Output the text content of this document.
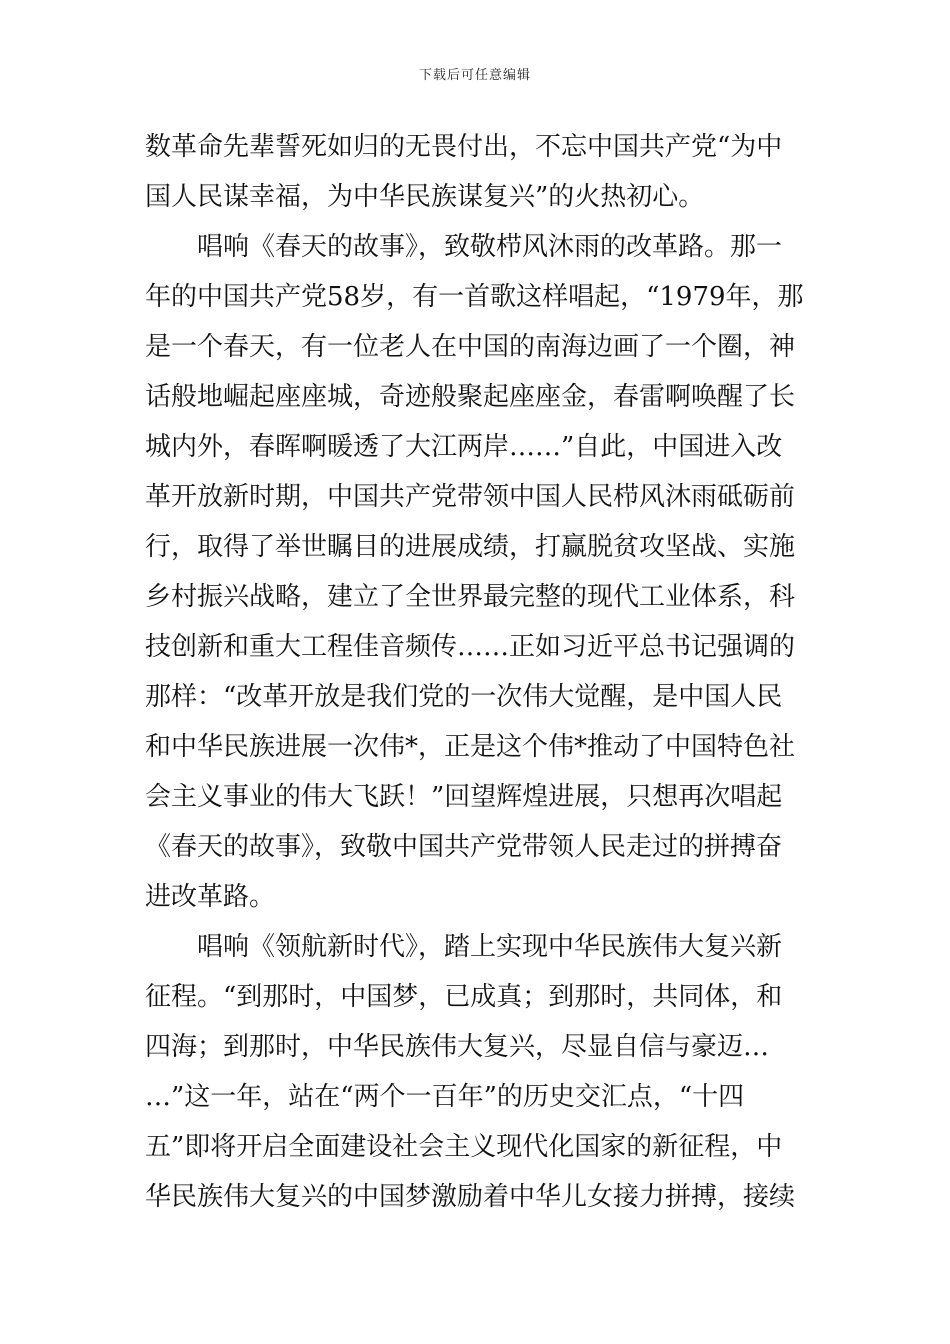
下载后可任意编辑
数革命先辈誓死如归的无畏付出，不忘中国共产党“为中
国人民谋幸福，为中华民族谋复兴”的火热初心。
唱响《春天的故事》，致敬栉风沐雨的改革路。那一
年的中国共产党58岁，有一首歌这样唱起，“1979年，那
是一个春天，有一位老人在中国的南海边画了一个圈，神
话般地崛起座座城，奇迹般聚起座座金，春雷啊唤醒了长
城内外，春晖啊暖透了大江两岸……”自此，中国进入改
革开放新时期，中国共产党带领中国人民栉风沐雨砥砺前
行，取得了举世瞩目的进展成绩，打赢脱贫攻坚战、实施
乡村振兴战略，建立了全世界最完整的现代工业体系，科
技创新和重大工程佳音频传……正如习近平总书记强调的
那样：“改革开放是我们党的一次伟大觉醒，是中国人民
和中华民族进展一次伟*，正是这个伟*推动了中国特色社
会主义事业的伟大飞跃！”回望辉煌进展，只想再次唱起
《春天的故事》，致敬中国共产党带领人民走过的拼搏奋
进改革路。
唱响《领航新时代》，踏上实现中华民族伟大复兴新
征程。“到那时，中国梦，已成真；到那时，共同体，和
四海；到那时，中华民族伟大复兴，尽显自信与豪迈…
…”这一年，站在“两个一百年”的历史交汇点，“十四
五”即将开启全面建设社会主义现代化国家的新征程，中
华民族伟大复兴的中国梦激励着中华儿女接力拼搏，接续
